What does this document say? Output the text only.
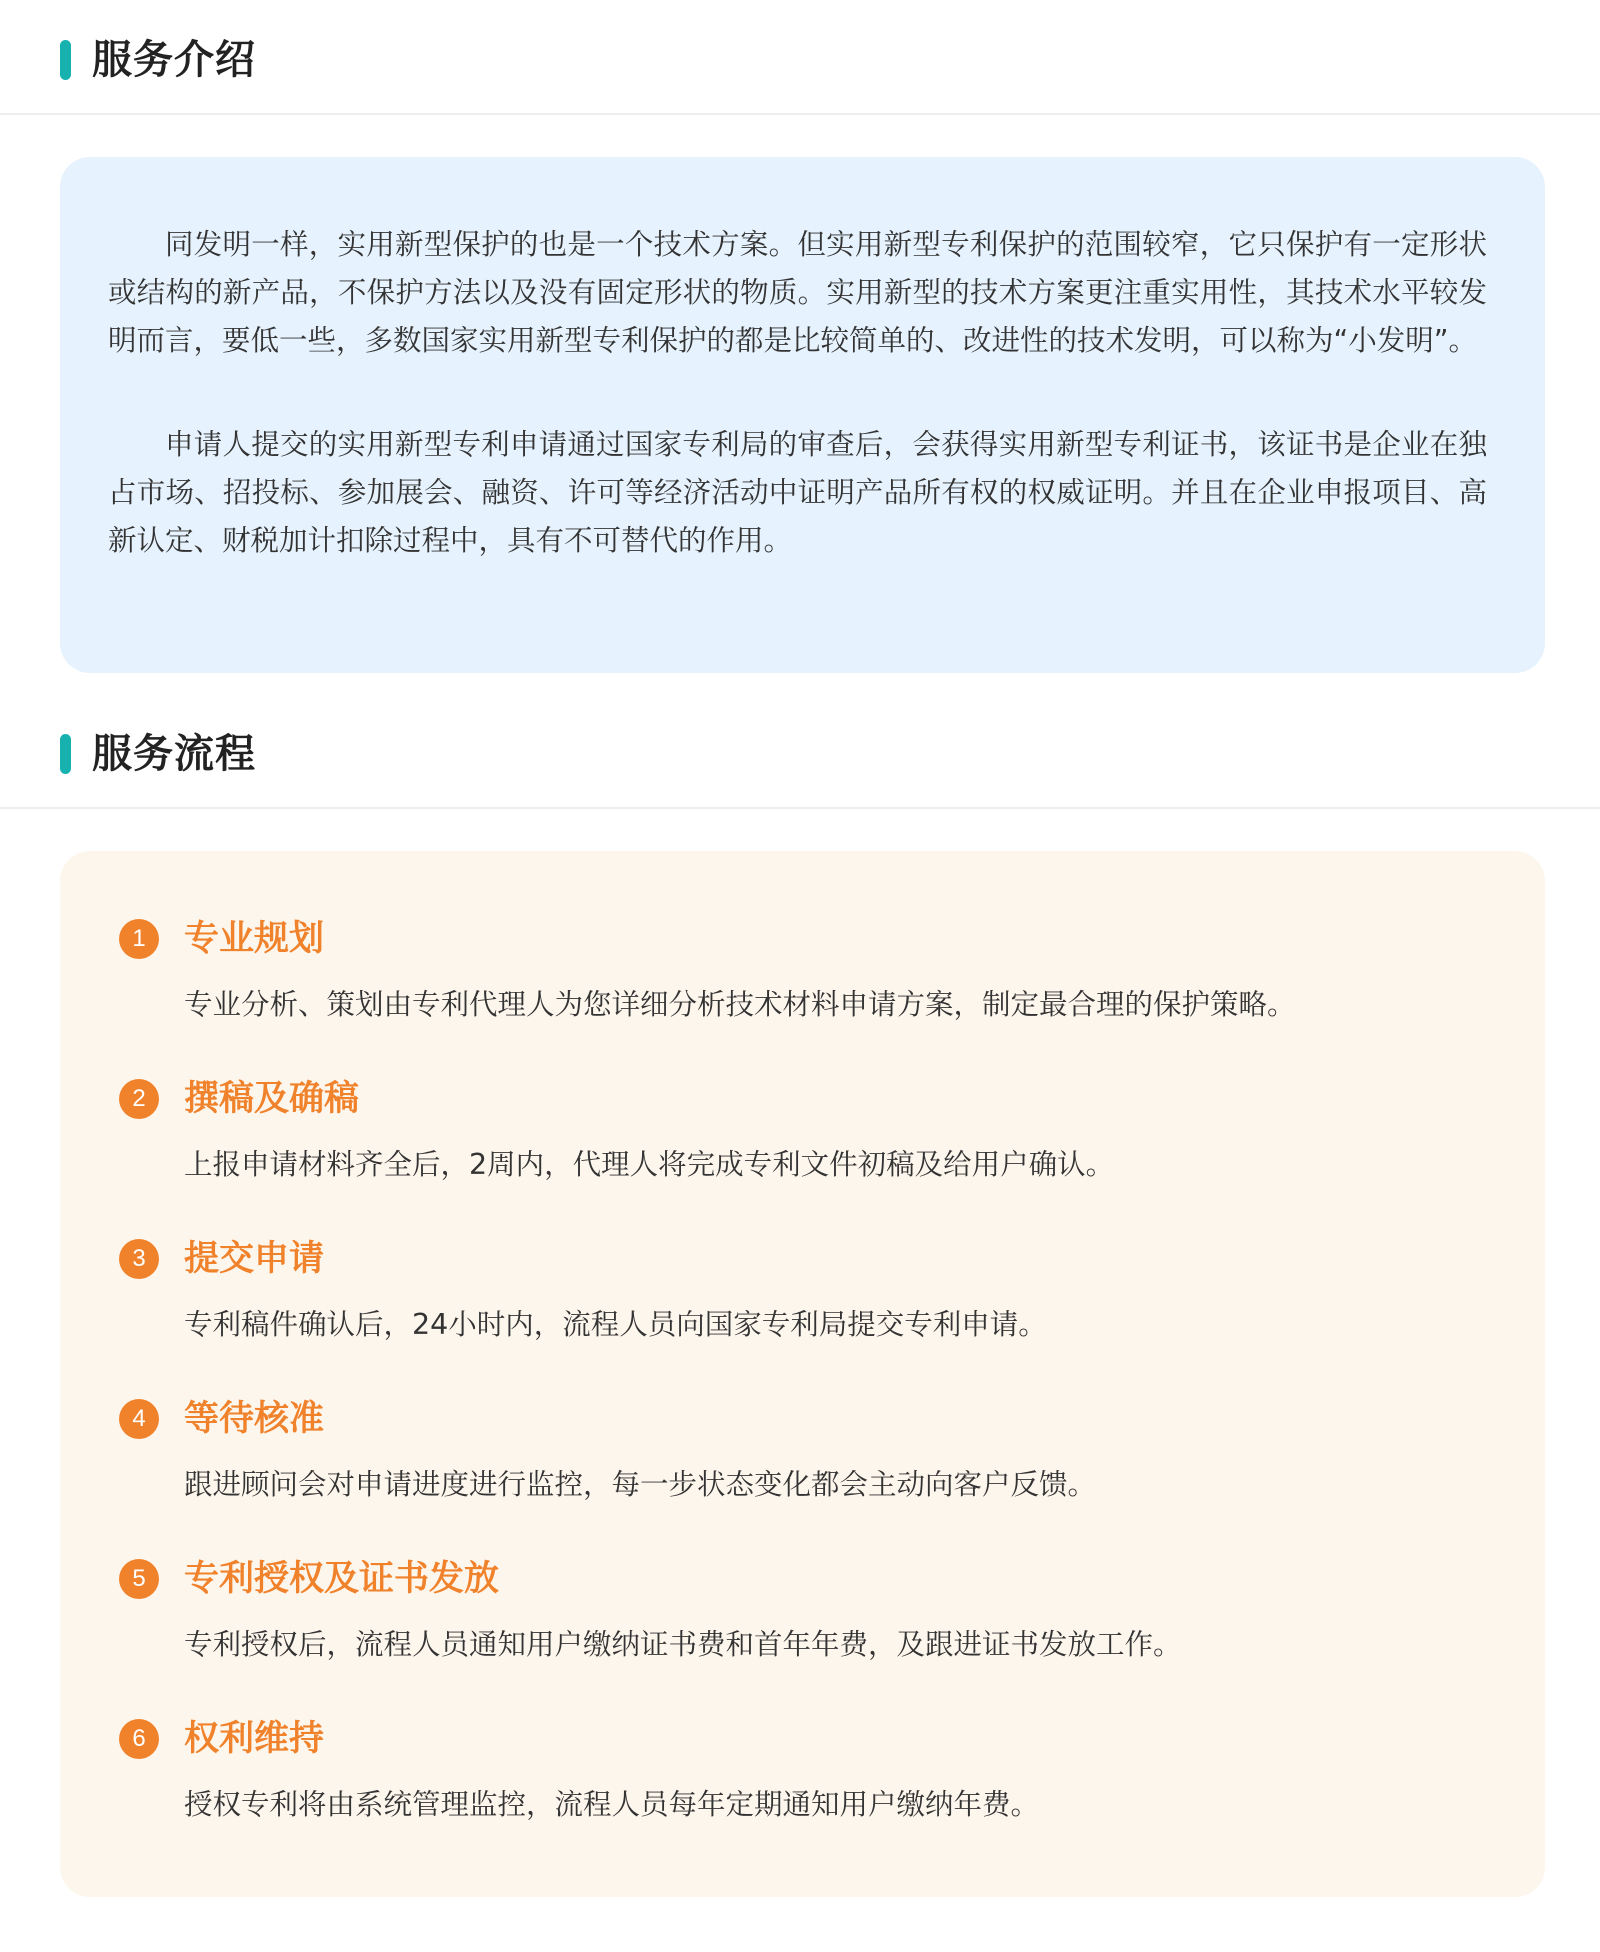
服务介绍

同发明一样，实用新型保护的也是一个技术方案。但实用新型专利保护的范围较窄，它只保护有一定形状或结构的新产品，不保护方法以及没有固定形状的物质。实用新型的技术方案更注重实用性，其技术水平较发明而言，要低一些，多数国家实用新型专利保护的都是比较简单的、改进性的技术发明，可以称为“小发明”。

申请人提交的实用新型专利申请通过国家专利局的审查后，会获得实用新型专利证书，该证书是企业在独占市场、招投标、参加展会、融资、许可等经济活动中证明产品所有权的权威证明。并且在企业申报项目、高新认定、财税加计扣除过程中，具有不可替代的作用。

服务流程
1	专业规划
专业分析、策划由专利代理人为您详细分析技术材料申请方案，制定最合理的保护策略。
2	撰稿及确稿
上报申请材料齐全后，2周内，代理人将完成专利文件初稿及给用户确认。
3	提交申请
专利稿件确认后，24小时内，流程人员向国家专利局提交专利申请。
4	等待核准
跟进顾问会对申请进度进行监控，每一步状态变化都会主动向客户反馈。
5	专利授权及证书发放
专利授权后，流程人员通知用户缴纳证书费和首年年费，及跟进证书发放工作。
6	权利维持
授权专利将由系统管理监控，流程人员每年定期通知用户缴纳年费。
